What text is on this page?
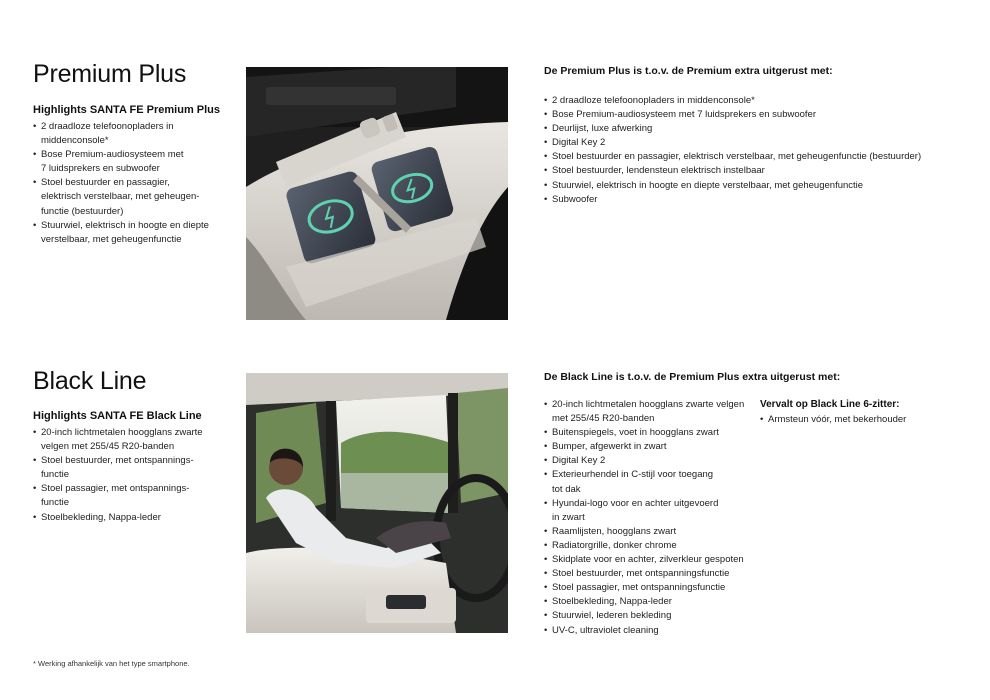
Premium Plus
Highlights SANTA FE Premium Plus
• 2 draadloze telefoonopladers in
middenconsole*
• Bose Premium-audiosysteem met
7 luidsprekers en subwoofer
• Stoel bestuurder en passagier,
elektrisch verstelbaar, met geheugen-
functie (bestuurder)
• Stuurwiel, elektrisch in hoogte en diepte
verstelbaar, met geheugenfunctie
De Premium Plus is t.o.v. de Premium extra uitgerust met:
• 2 draadloze telefoonopladers in middenconsole*
• Bose Premium-audiosysteem met 7 luidsprekers en subwoofer
• Deurlijst, luxe afwerking
• Digital Key 2
• Stoel bestuurder en passagier, elektrisch verstelbaar, met geheugenfunctie (bestuurder)
• Stoel bestuurder, lendensteun elektrisch instelbaar
• Stuurwiel, elektrisch in hoogte en diepte verstelbaar, met geheugenfunctie
• Subwoofer
Black Line
Highlights SANTA FE Black Line
• 20-inch lichtmetalen hoogglans zwarte
velgen met 255/45 R20-banden
• Stoel bestuurder, met ontspannings-
functie
• Stoel passagier, met ontspannings-
functie
• Stoelbekleding, Nappa-leder
De Black Line is t.o.v. de Premium Plus extra uitgerust met:
• 20-inch lichtmetalen hoogglans zwarte velgen
met 255/45 R20-banden
• Buitenspiegels, voet in hoogglans zwart
• Bumper, afgewerkt in zwart
• Digital Key 2
• Exterieurhendel in C-stijl voor toegang
tot dak
• Hyundai-logo voor en achter uitgevoerd
in zwart
• Raamlijsten, hoogglans zwart
• Radiatorgrille, donker chrome
• Skidplate voor en achter, zilverkleur gespoten
• Stoel bestuurder, met ontspanningsfunctie
• Stoel passagier, met ontspanningsfunctie
• Stoelbekleding, Nappa-leder
• Stuurwiel, lederen bekleding
• UV-C, ultraviolet cleaning
Vervalt op Black Line 6-zitter:
• Armsteun vóór, met bekerhouder
* Werking afhankelijk van het type smartphone.
